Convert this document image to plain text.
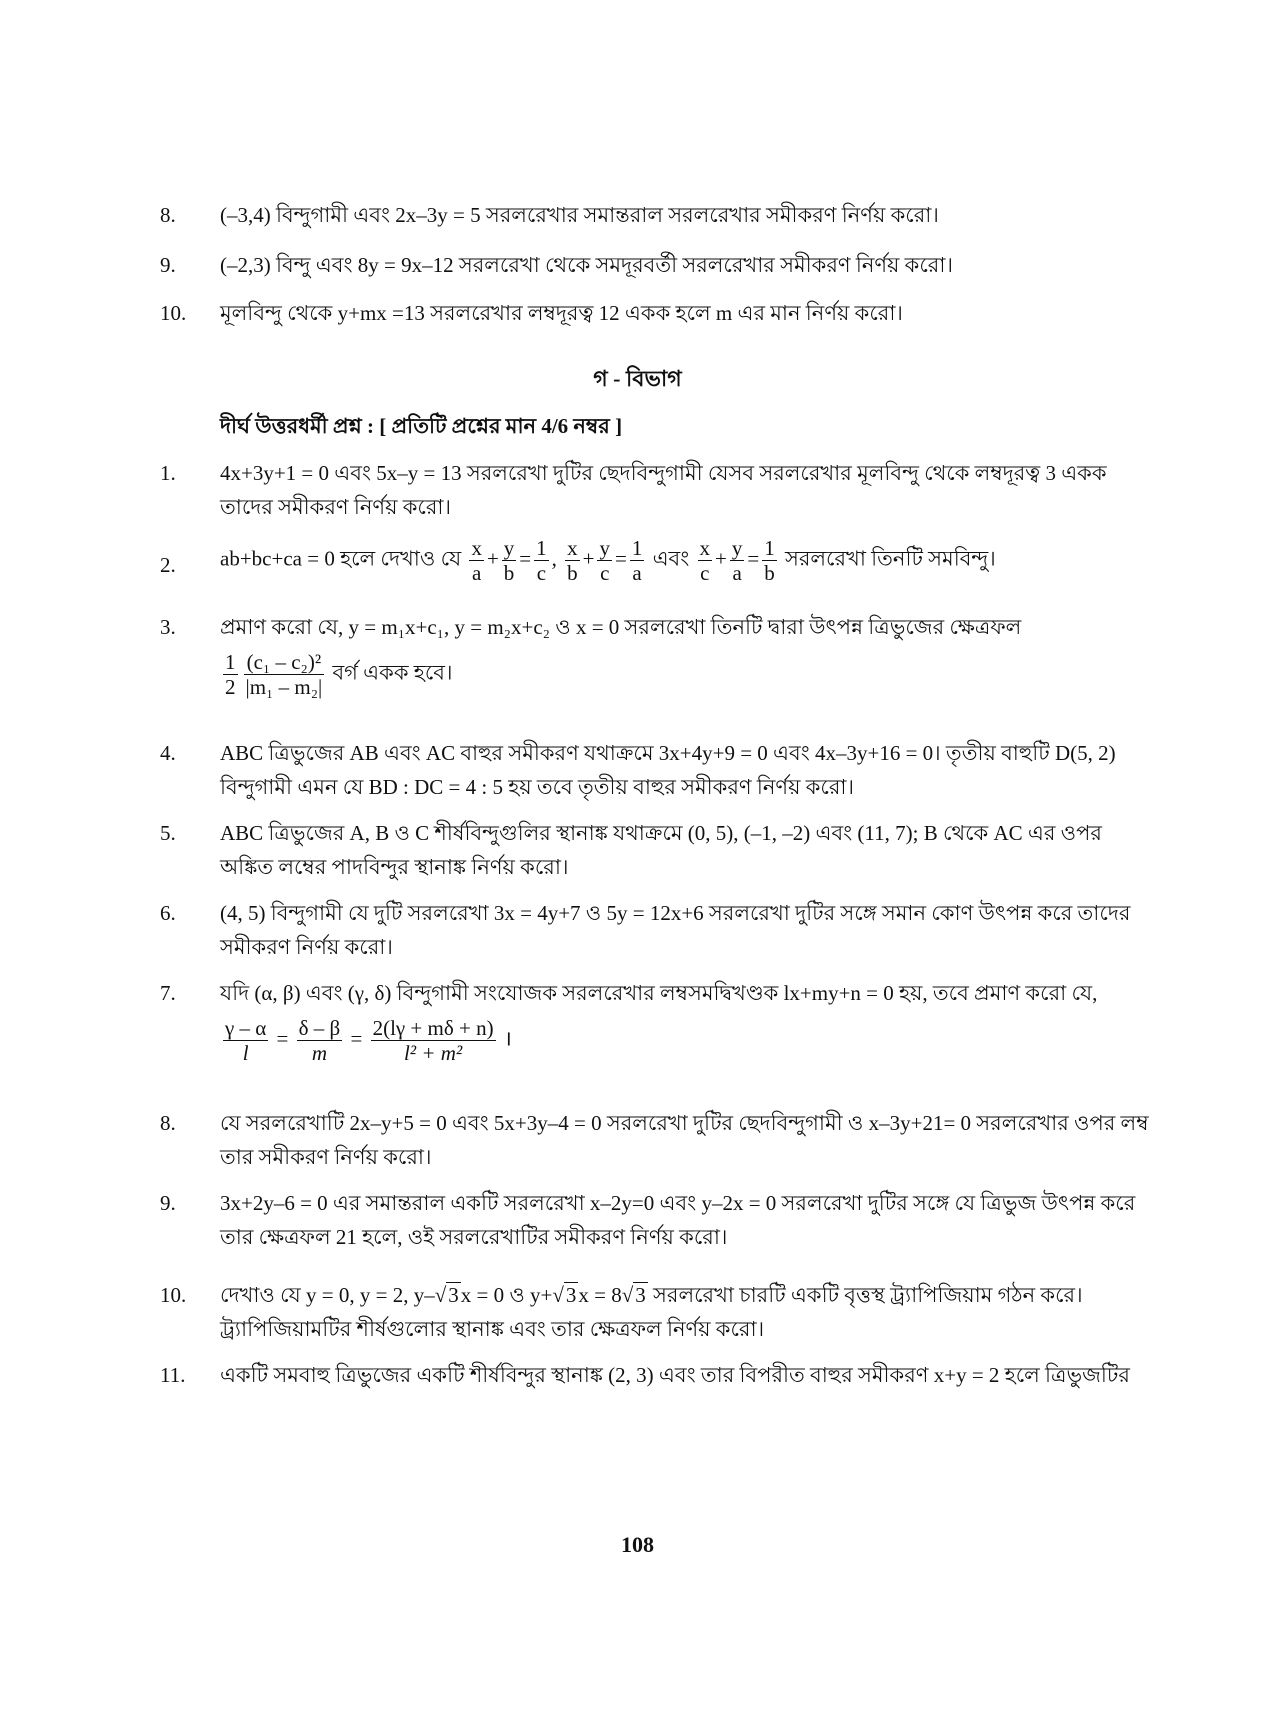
8.	(–3,4) বিন্দুগামী এবং 2x–3y = 5 সরলরেখার সমান্তরাল সরলরেখার সমীকরণ নির্ণয় করো।
9.	(–2,3) বিন্দু এবং 8y = 9x–12 সরলরেখা থেকে সমদূরবর্তী সরলরেখার সমীকরণ নির্ণয় করো।
10.	মূলবিন্দু থেকে y+mx =13 সরলরেখার লম্বদূরত্ব 12 একক হলে m এর মান নির্ণয় করো।
গ - বিভাগ
দীর্ঘ উত্তরধর্মী প্রশ্ন : [ প্রতিটি প্রশ্নের মান 4/6 নম্বর ]
1.	4x+3y+1 = 0 এবং 5x–y = 13 সরলরেখা দুটির ছেদবিন্দুগামী যেসব সরলরেখার মূলবিন্দু থেকে লম্বদূরত্ব 3 একক তাদের সমীকরণ নির্ণয় করো।
2.	ab+bc+ca = 0 হলে দেখাও যে $\frac{x}{a} + \frac{y}{b} = \frac{1}{c}$ , $\frac{x}{b} + \frac{y}{c} = \frac{1}{a}$ এবং $\frac{x}{c} + \frac{y}{a} = \frac{1}{b}$ সরলরেখা তিনটি সমবিন্দু।
3.	প্রমাণ করো যে, y = m₁x+c₁, y = m₂x+c₂ ও x = 0 সরলরেখা তিনটি দ্বারা উৎপন্ন ত্রিভুজের ক্ষেত্রফল
$\frac{1}{2} \frac{\text{(c₁ – c₂)²}}{\text{|m₁ – m₂|}}$ বর্গ একক হবে।
4.	ABC ত্রিভুজের AB এবং AC বাহুর সমীকরণ যথাক্রমে 3x+4y+9 = 0 এবং 4x–3y+16 = 0। তৃতীয় বাহুটি D(5, 2) বিন্দুগামী এমন যে BD : DC = 4 : 5 হয় তবে তৃতীয় বাহুর সমীকরণ নির্ণয় করো।
5.	ABC ত্রিভুজের A, B ও C শীর্ষবিন্দুগুলির স্থানাঙ্ক যথাক্রমে (0, 5), (–1, –2) এবং (11, 7); B থেকে AC এর ওপর অঙ্কিত লম্বের পাদবিন্দুর স্থানাঙ্ক নির্ণয় করো।
6.	(4, 5) বিন্দুগামী যে দুটি সরলরেখা 3x = 4y+7 ও 5y = 12x+6 সরলরেখা দুটির সঙ্গে সমান কোণ উৎপন্ন করে তাদের সমীকরণ নির্ণয় করো।
7.	যদি (α, β) এবং (γ, δ) বিন্দুগামী সংযোজক সরলরেখার লম্বসমদ্বিখণ্ডক lx+my+n = 0 হয়, তবে প্রমাণ করো যে,
$\frac{\gamma - \alpha}{l} = \frac{\delta - \beta}{m} = \frac{2(l\gamma + m\delta + n)}{\text{l² + m²}}$ ।
8.	যে সরলরেখাটি 2x–y+5 = 0 এবং 5x+3y–4 = 0 সরলরেখা দুটির ছেদবিন্দুগামী ও x–3y+21= 0 সরলরেখার ওপর লম্ব তার সমীকরণ নির্ণয় করো।
9.	3x+2y–6 = 0 এর সমান্তরাল একটি সরলরেখা x–2y=0 এবং y–2x = 0 সরলরেখা দুটির সঙ্গে যে ত্রিভুজ উৎপন্ন করে তার ক্ষেত্রফল 21 হলে, ওই সরলরেখাটির সমীকরণ নির্ণয় করো।
10.	দেখাও যে y = 0, y = 2, y–√3x = 0 ও y+√3x = 8√3 সরলরেখা চারটি একটি বৃত্তস্থ ট্র্যাপিজিয়াম গঠন করে। ট্র্যাপিজিয়ামটির শীর্ষগুলোর স্থানাঙ্ক এবং তার ক্ষেত্রফল নির্ণয় করো।
11.	একটি সমবাহু ত্রিভুজের একটি শীর্ষবিন্দুর স্থানাঙ্ক (2, 3) এবং তার বিপরীত বাহুর সমীকরণ x+y = 2 হলে ত্রিভুজটির
108
